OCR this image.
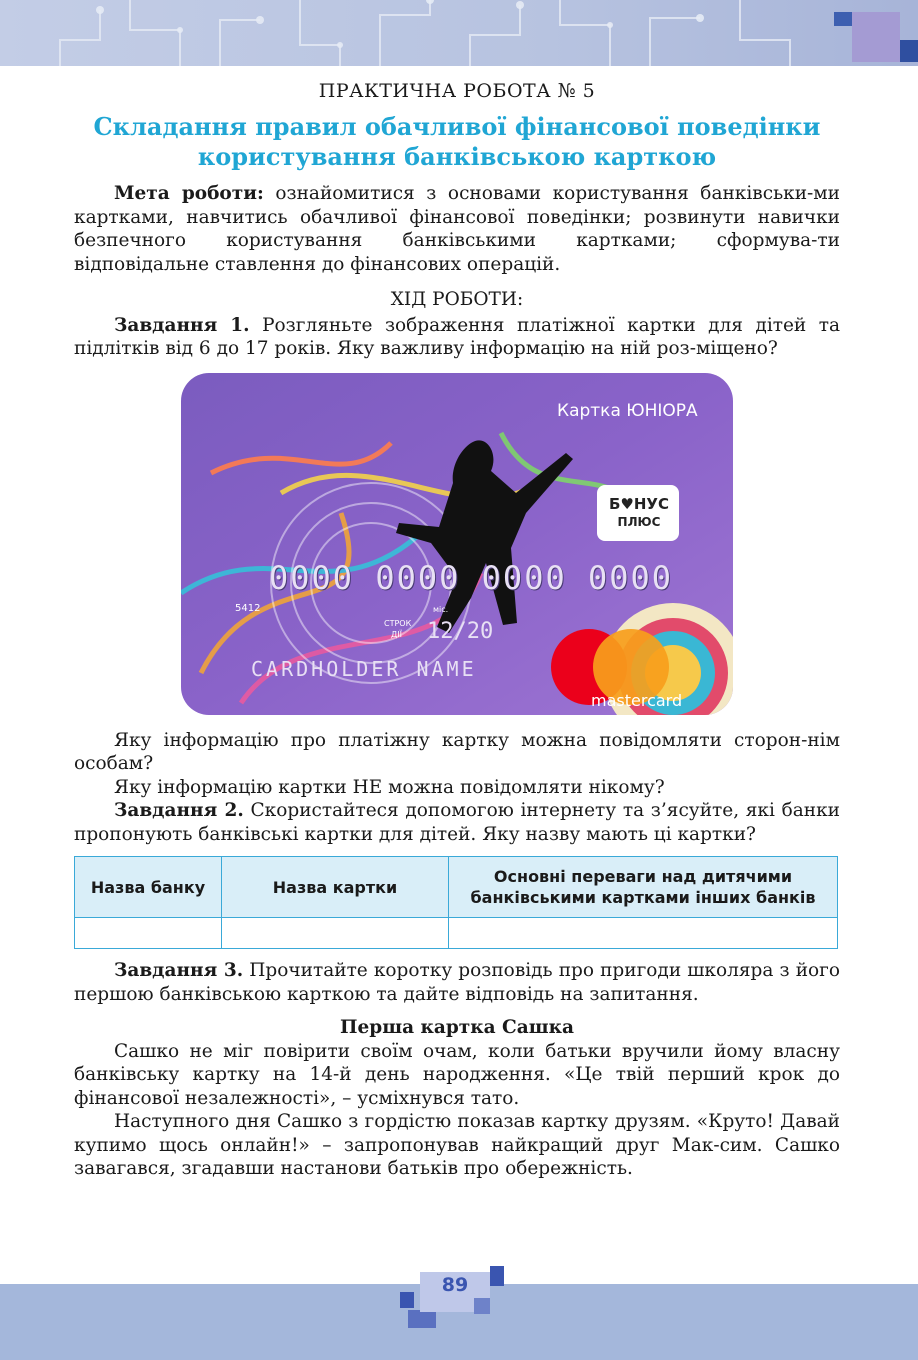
ПРАКТИЧНА РОБОТА № 5
Складання правил обачливої фінансової поведінки
користування банківською карткою

Мета роботи: ознайомитися з основами користування банківськи-ми картками, навчитись обачливої фінансової поведінки; розвинути навички безпечного користування банківськими картками; сформува-ти відповідальне ставлення до фінансових операцій.

ХІД РОБОТИ:

Завдання 1. Розгляньте зображення платіжної картки для дітей та підлітків від 6 до 17 років. Яку важливу інформацію на ній роз-міщено?

Картка ЮНІОРА
Б♥НУС
ПЛЮС
0000 0000 0000 0000
5412	міс.
СТРОК
ДІЇ 12/20
CARDHOLDER NAME
mastercard

Яку інформацію про платіжну картку можна повідомляти сторон-нім особам?

Яку інформацію картки НЕ можна повідомляти нікому?

Завдання 2. Скористайтеся допомогою інтернету та з’ясуйте, які банки пропонують банківські картки для дітей. Яку назву мають ці картки?

Назва банку	Назва картки	Основні переваги над дитячими банківськими картками інших банків

Завдання 3. Прочитайте коротку розповідь про пригоди школяра з його першою банківською карткою та дайте відповідь на запитання.

Перша картка Сашка

Сашко не міг повірити своїм очам, коли батьки вручили йому власну банківську картку на 14-й день народження. «Це твій перший крок до фінансової незалежності», – усміхнувся тато.

Наступного дня Сашко з гордістю показав картку друзям. «Круто! Давай купимо щось онлайн!» – запропонував найкращий друг Мак-сим. Сашко завагався, згадавши настанови батьків про обережність.

89
